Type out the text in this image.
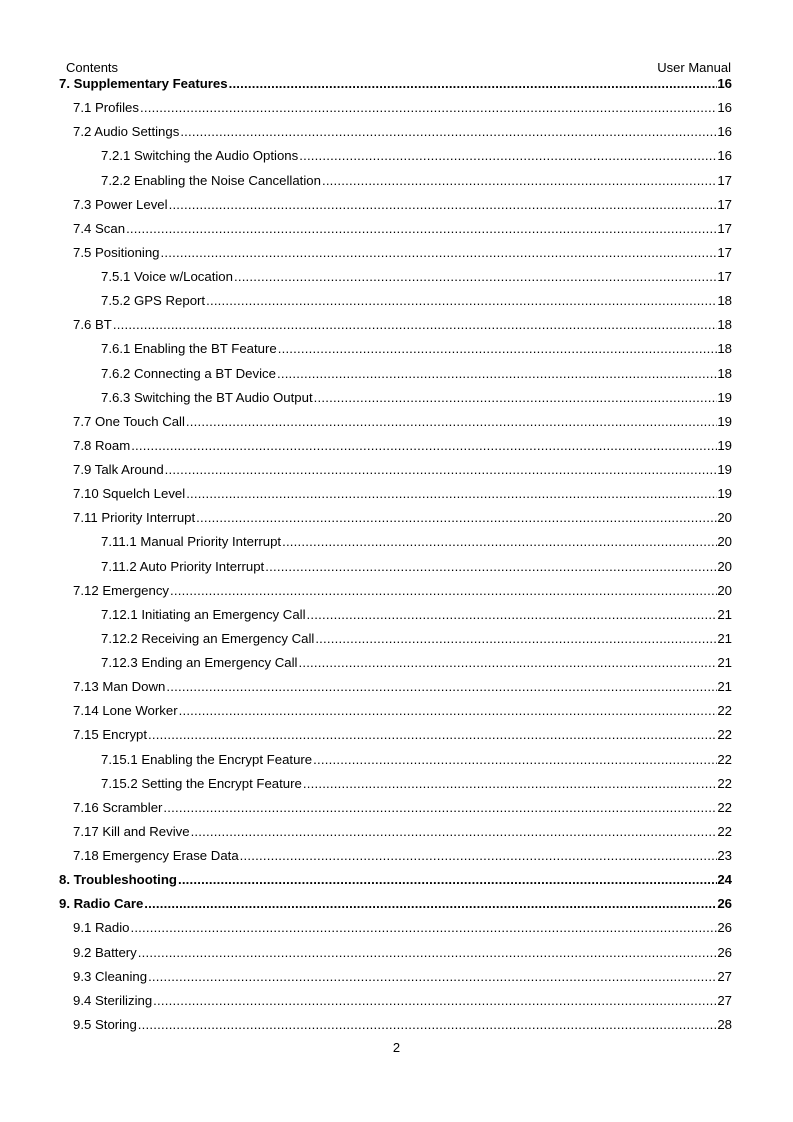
Contents	User Manual
7. Supplementary Features .....	16
7.1 Profiles .....	16
7.2 Audio Settings .....	16
7.2.1 Switching the Audio Options .....	16
7.2.2 Enabling the Noise Cancellation .....	17
7.3 Power Level .....	17
7.4 Scan .....	17
7.5 Positioning .....	17
7.5.1 Voice w/Location .....	17
7.5.2 GPS Report .....	18
7.6 BT .....	18
7.6.1 Enabling the BT Feature .....	18
7.6.2 Connecting a BT Device .....	18
7.6.3 Switching the BT Audio Output .....	19
7.7 One Touch Call .....	19
7.8 Roam .....	19
7.9 Talk Around .....	19
7.10 Squelch Level .....	19
7.11 Priority Interrupt .....	20
7.11.1 Manual Priority Interrupt .....	20
7.11.2 Auto Priority Interrupt .....	20
7.12 Emergency .....	20
7.12.1 Initiating an Emergency Call .....	21
7.12.2 Receiving an Emergency Call .....	21
7.12.3 Ending an Emergency Call .....	21
7.13 Man Down .....	21
7.14 Lone Worker .....	22
7.15 Encrypt .....	22
7.15.1 Enabling the Encrypt Feature .....	22
7.15.2 Setting the Encrypt Feature .....	22
7.16 Scrambler .....	22
7.17 Kill and Revive .....	22
7.18 Emergency Erase Data .....	23
8. Troubleshooting .....	24
9. Radio Care .....	26
9.1 Radio .....	26
9.2 Battery .....	26
9.3 Cleaning .....	27
9.4 Sterilizing .....	27
9.5 Storing .....	28
2
